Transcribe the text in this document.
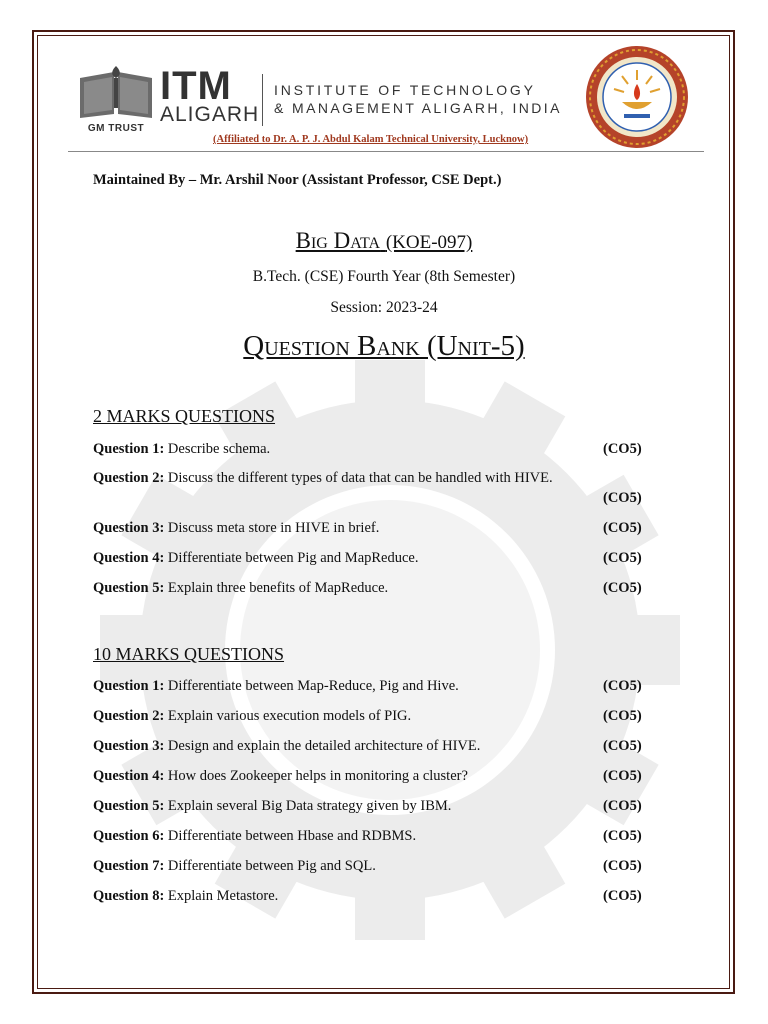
GM TRUST
ITM
ALIGARH
INSTITUTE OF TECHNOLOGY
& MANAGEMENT ALIGARH, INDIA
(Affiliated to Dr. A. P. J. Abdul Kalam Technical University, Lucknow)
Maintained By – Mr. Arshil Noor (Assistant Professor, CSE Dept.)
Big Data (KOE-097)
B.Tech. (CSE) Fourth Year (8th Semester)
Session: 2023-24
Question Bank (Unit-5)
2 MARKS QUESTIONS
Question 1: Describe schema.	(CO5)
Question 2: Discuss the different types of data that can be handled with HIVE.
(CO5)
Question 3: Discuss meta store in HIVE in brief.	(CO5)
Question 4: Differentiate between Pig and MapReduce.	(CO5)
Question 5: Explain three benefits of MapReduce.	(CO5)
10 MARKS QUESTIONS
Question 1: Differentiate between Map-Reduce, Pig and Hive.	(CO5)
Question 2: Explain various execution models of PIG.	(CO5)
Question 3: Design and explain the detailed architecture of HIVE.	(CO5)
Question 4: How does Zookeeper helps in monitoring a cluster?	(CO5)
Question 5: Explain several Big Data strategy given by IBM.	(CO5)
Question 6: Differentiate between Hbase and RDBMS.	(CO5)
Question 7: Differentiate between Pig and SQL.	(CO5)
Question 8: Explain Metastore.	(CO5)
